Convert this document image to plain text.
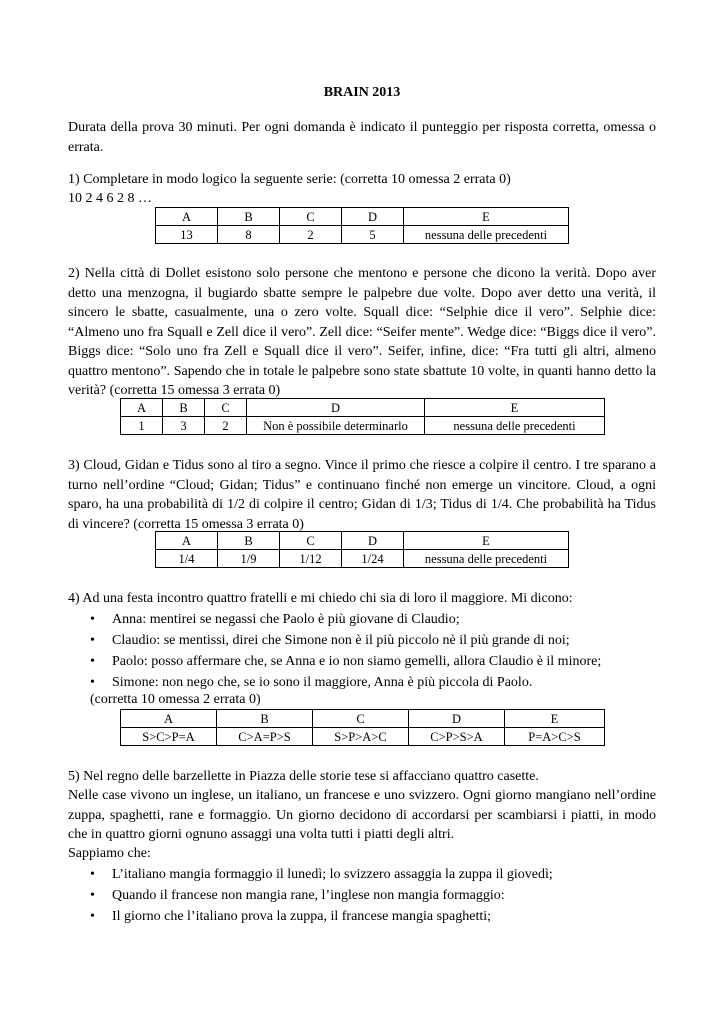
BRAIN 2013
Durata della prova 30 minuti. Per ogni domanda è indicato il punteggio per risposta corretta, omessa o errata.
1) Completare in modo logico la seguente serie: (corretta 10 omessa 2 errata 0)
10 2 4 6 2 8 …
A	B	C	D	E
13	8	2	5	nessuna delle precedenti
2) Nella città di Dollet esistono solo persone che mentono e persone che dicono la verità. Dopo aver detto una menzogna, il bugiardo sbatte sempre le palpebre due volte. Dopo aver detto una verità, il sincero le sbatte, casualmente, una o zero volte. Squall dice: “Selphie dice il vero”. Selphie dice: “Almeno uno fra Squall e Zell dice il vero”. Zell dice: “Seifer mente”. Wedge dice: “Biggs dice il vero”. Biggs dice: “Solo uno fra Zell e Squall dice il vero”. Seifer, infine, dice: “Fra tutti gli altri, almeno quattro mentono”. Sapendo che in totale le palpebre sono state sbattute 10 volte, in quanti hanno detto la verità? (corretta 15 omessa 3 errata 0)
A	B	C	D	E
1	3	2	Non è possibile determinarlo	nessuna delle precedenti
3) Cloud, Gidan e Tidus sono al tiro a segno. Vince il primo che riesce a colpire il centro. I tre sparano a turno nell’ordine “Cloud; Gidan; Tidus” e continuano finché non emerge un vincitore. Cloud, a ogni sparo, ha una probabilità di 1/2 di colpire il centro; Gidan di 1/3; Tidus di 1/4. Che probabilità ha Tidus di vincere? (corretta 15 omessa 3 errata 0)
A	B	C	D	E
1/4	1/9	1/12	1/24	nessuna delle precedenti
4) Ad una festa incontro quattro fratelli e mi chiedo chi sia di loro il maggiore. Mi dicono:
• Anna: mentirei se negassi che Paolo è più giovane di Claudio;
• Claudio: se mentissi, direi che Simone non è il più piccolo nè il più grande di noi;
• Paolo: posso affermare che, se Anna e io non siamo gemelli, allora Claudio è il minore;
• Simone: non nego che, se io sono il maggiore, Anna è più piccola di Paolo.
(corretta 10 omessa 2 errata 0)
A	B	C	D	E
S>C>P=A	C>A=P>S	S>P>A>C	C>P>S>A	P=A>C>S
5) Nel regno delle barzellette in Piazza delle storie tese si affacciano quattro casette.
Nelle case vivono un inglese, un italiano, un francese e uno svizzero. Ogni giorno mangiano nell’ordine zuppa, spaghetti, rane e formaggio. Un giorno decidono di accordarsi per scambiarsi i piatti, in modo che in quattro giorni ognuno assaggi una volta tutti i piatti degli altri.
Sappiamo che:
• L’italiano mangia formaggio il lunedì; lo svizzero assaggia la zuppa il giovedì;
• Quando il francese non mangia rane, l’inglese non mangia formaggio:
• Il giorno che l’italiano prova la zuppa, il francese mangia spaghetti;
